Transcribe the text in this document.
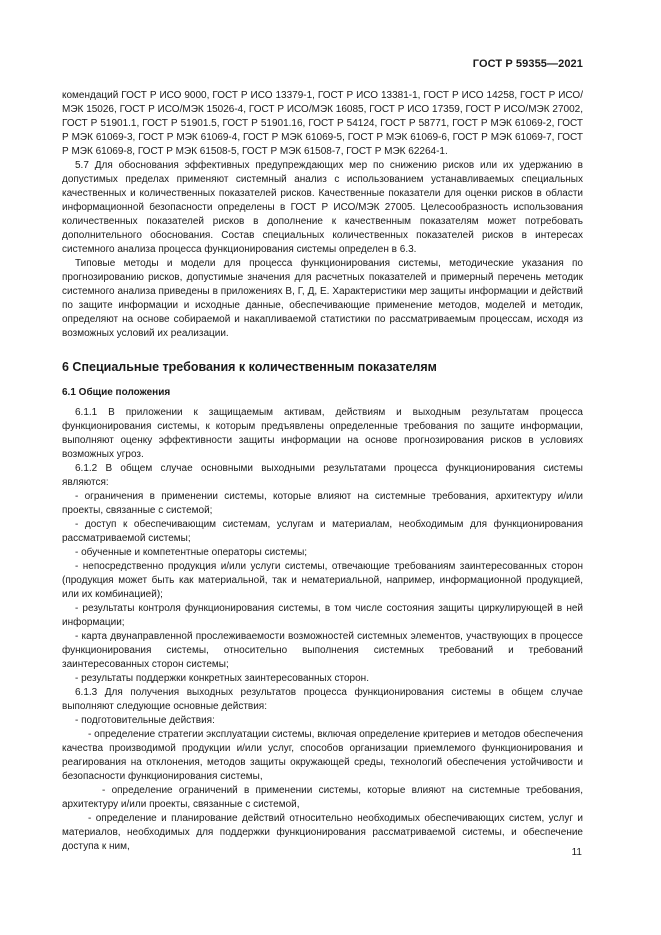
ГОСТ Р 59355—2021

комендаций ГОСТ Р ИСО 9000, ГОСТ Р ИСО 13379-1, ГОСТ Р ИСО 13381-1, ГОСТ Р ИСО 14258, ГОСТ Р ИСО/МЭК 15026, ГОСТ Р ИСО/МЭК 15026-4, ГОСТ Р ИСО/МЭК 16085, ГОСТ Р ИСО 17359, ГОСТ Р ИСО/МЭК 27002, ГОСТ Р 51901.1, ГОСТ Р 51901.5, ГОСТ Р 51901.16, ГОСТ Р 54124, ГОСТ Р 58771, ГОСТ Р МЭК 61069-2, ГОСТ Р МЭК 61069-3, ГОСТ Р МЭК 61069-4, ГОСТ Р МЭК 61069-5, ГОСТ Р МЭК 61069-6, ГОСТ Р МЭК 61069-7, ГОСТ Р МЭК 61069-8, ГОСТ Р МЭК 61508-5, ГОСТ Р МЭК 61508-7, ГОСТ Р МЭК 62264-1.

5.7 Для обоснования эффективных предупреждающих мер по снижению рисков или их удержанию в допустимых пределах применяют системный анализ с использованием устанавливаемых специальных качественных и количественных показателей рисков. Качественные показатели для оценки рисков в области информационной безопасности определены в ГОСТ Р ИСО/МЭК 27005. Целесообразность использования количественных показателей рисков в дополнение к качественным показателям может потребовать дополнительного обоснования. Состав специальных количественных показателей рисков в интересах системного анализа процесса функционирования системы определен в 6.3.

Типовые методы и модели для процесса функционирования системы, методические указания по прогнозированию рисков, допустимые значения для расчетных показателей и примерный перечень методик системного анализа приведены в приложениях В, Г, Д, Е. Характеристики мер защиты информации и действий по защите информации и исходные данные, обеспечивающие применение методов, моделей и методик, определяют на основе собираемой и накапливаемой статистики по рассматриваемым процессам, исходя из возможных условий их реализации.

6 Специальные требования к количественным показателям
6.1 Общие положения

6.1.1 В приложении к защищаемым активам, действиям и выходным результатам процесса функционирования системы, к которым предъявлены определенные требования по защите информации, выполняют оценку эффективности защиты информации на основе прогнозирования рисков в условиях возможных угроз.

6.1.2 В общем случае основными выходными результатами процесса функционирования системы являются:

- ограничения в применении системы, которые влияют на системные требования, архитектуру и/или проекты, связанные с системой;

- доступ к обеспечивающим системам, услугам и материалам, необходимым для функционирования рассматриваемой системы;

- обученные и компетентные операторы системы;

- непосредственно продукция и/или услуги системы, отвечающие требованиям заинтересованных сторон (продукция может быть как материальной, так и нематериальной, например, информационной продукцией, или их комбинацией);

- результаты контроля функционирования системы, в том числе состояния защиты циркулирующей в ней информации;

- карта двунаправленной прослеживаемости возможностей системных элементов, участвующих в процессе функционирования системы, относительно выполнения системных требований и требований заинтересованных сторон системы;

- результаты поддержки конкретных заинтересованных сторон.

6.1.3 Для получения выходных результатов процесса функционирования системы в общем случае выполняют следующие основные действия:

- подготовительные действия:

- определение стратегии эксплуатации системы, включая определение критериев и методов обеспечения качества производимой продукции и/или услуг, способов организации приемлемого функционирования и реагирования на отклонения, методов защиты окружающей среды, технологий обеспечения устойчивости и безопасности функционирования системы,

- определение ограничений в применении системы, которые влияют на системные требования, архитектуру и/или проекты, связанные с системой,

- определение и планирование действий относительно необходимых обеспечивающих систем, услуг и материалов, необходимых для поддержки функционирования рассматриваемой системы, и обеспечение доступа к ним,

11
